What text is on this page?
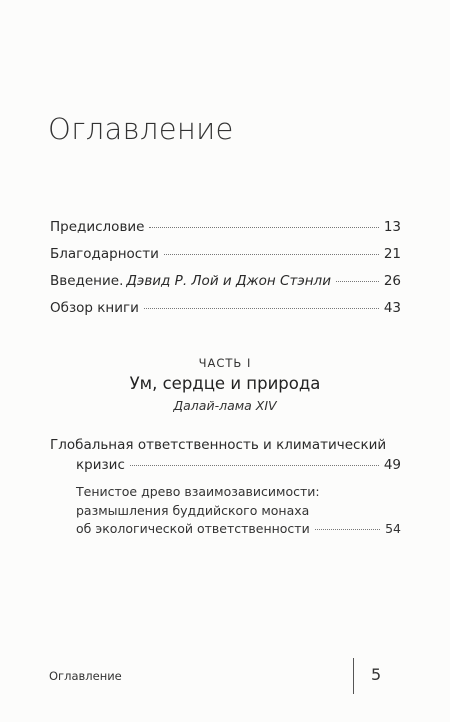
Оглавление
Предисловие	13
Благодарности	21
Введение. Дэвид Р. Лой и Джон Стэнли	26
Обзор книги	43
ЧАСТЬ I
Ум, сердце и природа
Далай-лама XIV
Глобальная ответственность и климатический
кризис	49
Тенистое древо взаимозависимости:
размышления буддийского монаха
об экологической ответственности	54
Оглавление	5
